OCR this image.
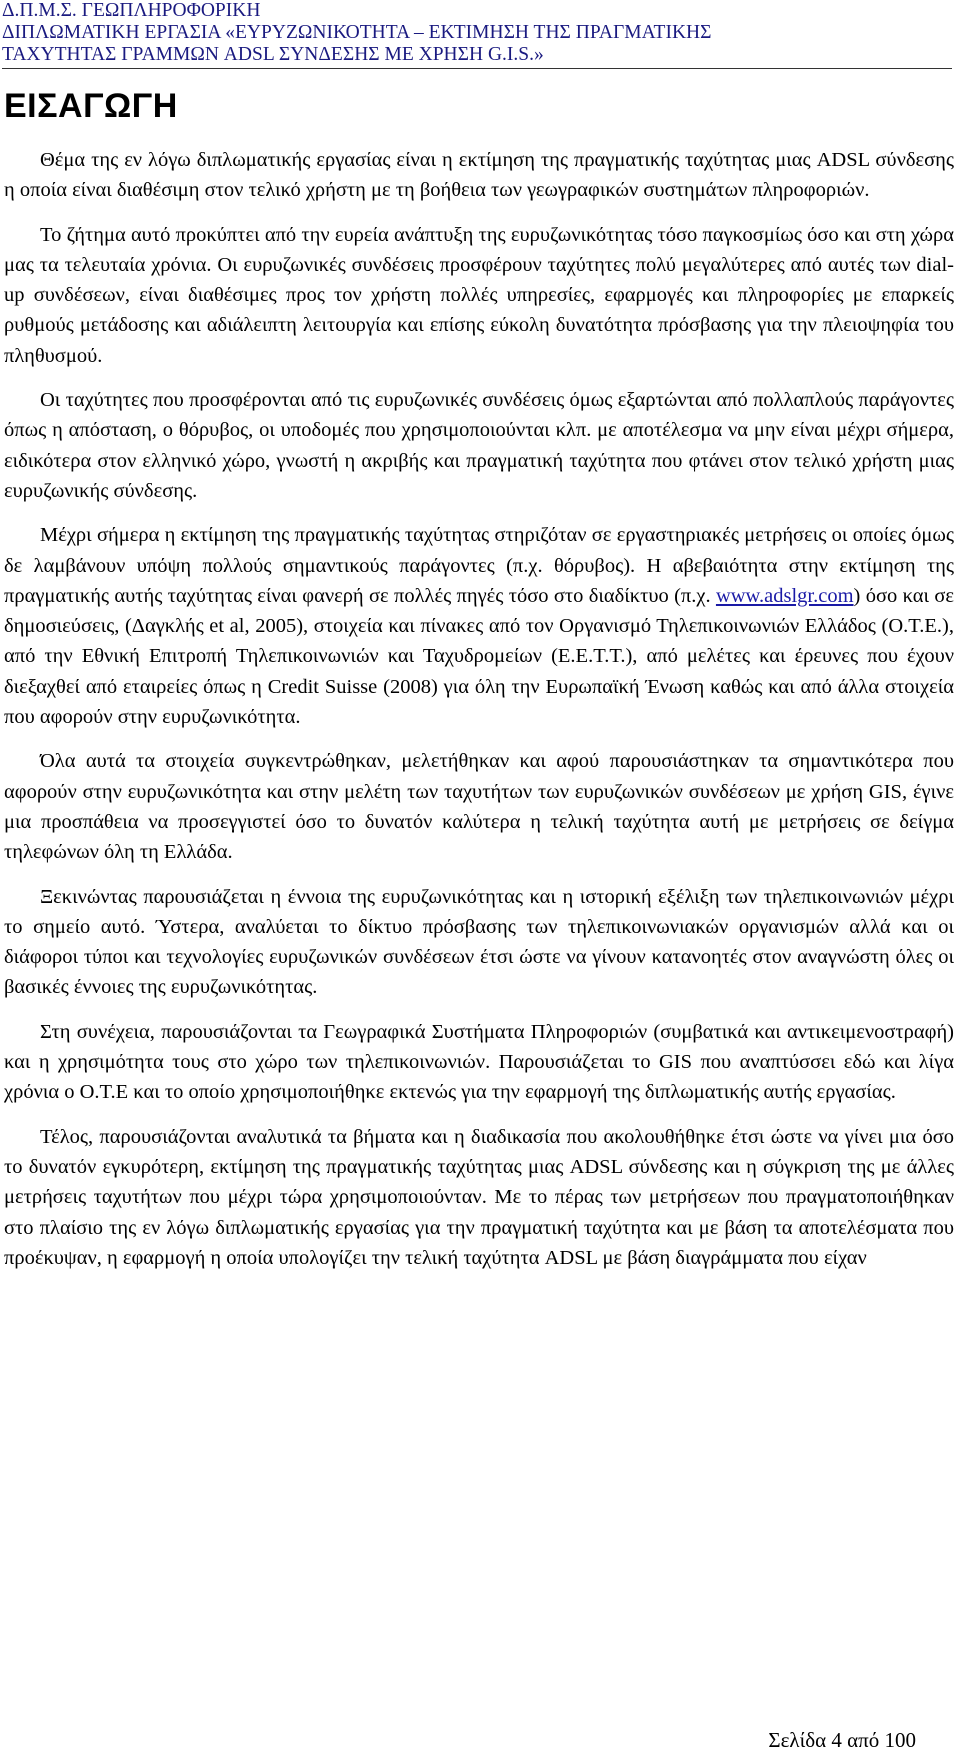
Δ.Π.Μ.Σ. ΓΕΩΠΛΗΡΟΦΟΡΙΚΗ
ΔΙΠΛΩΜΑΤΙΚΗ ΕΡΓΑΣΙΑ «ΕΥΡΥΖΩΝΙΚΟΤΗΤΑ – ΕΚΤΙΜΗΣΗ ΤΗΣ ΠΡΑΓΜΑΤΙΚΗΣ
ΤΑΧΥΤΗΤΑΣ ΓΡΑΜΜΩΝ ADSL ΣΥΝΔΕΣΗΣ ΜΕ ΧΡΗΣΗ G.I.S.»
ΕΙΣΑΓΩΓΗ

Θέμα της εν λόγω διπλωματικής εργασίας είναι η εκτίμηση της πραγματικής ταχύτητας μιας ADSL σύνδεσης η οποία είναι διαθέσιμη στον τελικό χρήστη με τη βοήθεια των γεωγραφικών συστημάτων πληροφοριών.

Το ζήτημα αυτό προκύπτει από την ευρεία ανάπτυξη της ευρυζωνικότητας τόσο παγκοσμίως όσο και στη χώρα μας τα τελευταία χρόνια. Οι ευρυζωνικές συνδέσεις προσφέρουν ταχύτητες πολύ μεγαλύτερες από αυτές των dial-up συνδέσεων, είναι διαθέσιμες προς τον χρήστη πολλές υπηρεσίες, εφαρμογές και πληροφορίες με επαρκείς ρυθμούς μετάδοσης και αδιάλειπτη λειτουργία και επίσης εύκολη δυνατότητα πρόσβασης για την πλειοψηφία του πληθυσμού.

Οι ταχύτητες που προσφέρονται από τις ευρυζωνικές συνδέσεις όμως εξαρτώνται από πολλαπλούς παράγοντες όπως η απόσταση, ο θόρυβος, οι υποδομές που χρησιμοποιούνται κλπ. με αποτέλεσμα να μην είναι μέχρι σήμερα, ειδικότερα στον ελληνικό χώρο, γνωστή η ακριβής και πραγματική ταχύτητα που φτάνει στον τελικό χρήστη μιας ευρυζωνικής σύνδεσης.

Μέχρι σήμερα η εκτίμηση της πραγματικής ταχύτητας στηριζόταν σε εργαστηριακές μετρήσεις οι οποίες όμως δε λαμβάνουν υπόψη πολλούς σημαντικούς παράγοντες (π.χ. θόρυβος). Η αβεβαιότητα στην εκτίμηση της πραγματικής αυτής ταχύτητας είναι φανερή σε πολλές πηγές τόσο στο διαδίκτυο (π.χ. www.adslgr.com) όσο και σε δημοσιεύσεις, (Δαγκλής et al, 2005), στοιχεία και πίνακες από τον Οργανισμό Τηλεπικοινωνιών Ελλάδος (Ο.Τ.Ε.), από την Εθνική Επιτροπή Τηλεπικοινωνιών και Ταχυδρομείων (Ε.Ε.Τ.Τ.), από μελέτες και έρευνες που έχουν διεξαχθεί από εταιρείες όπως η Credit Suisse (2008) για όλη την Ευρωπαϊκή Ένωση καθώς και από άλλα στοιχεία που αφορούν στην ευρυζωνικότητα.

Όλα αυτά τα στοιχεία συγκεντρώθηκαν, μελετήθηκαν και αφού παρουσιάστηκαν τα σημαντικότερα που αφορούν στην ευρυζωνικότητα και στην μελέτη των ταχυτήτων των ευρυζωνικών συνδέσεων με χρήση GIS, έγινε μια προσπάθεια να προσεγγιστεί όσο το δυνατόν καλύτερα η τελική ταχύτητα αυτή με μετρήσεις σε δείγμα τηλεφώνων όλη τη Ελλάδα.

Ξεκινώντας παρουσιάζεται η έννοια της ευρυζωνικότητας και η ιστορική εξέλιξη των τηλεπικοινωνιών μέχρι το σημείο αυτό. Ύστερα, αναλύεται το δίκτυο πρόσβασης των τηλεπικοινωνιακών οργανισμών αλλά και οι διάφοροι τύποι και τεχνολογίες ευρυζωνικών συνδέσεων έτσι ώστε να γίνουν κατανοητές στον αναγνώστη όλες οι βασικές έννοιες της ευρυζωνικότητας.

Στη συνέχεια, παρουσιάζονται τα Γεωγραφικά Συστήματα Πληροφοριών (συμβατικά και αντικειμενοστραφή) και η χρησιμότητα τους στο χώρο των τηλεπικοινωνιών. Παρουσιάζεται το GIS που αναπτύσσει εδώ και λίγα χρόνια ο Ο.Τ.Ε και το οποίο χρησιμοποιήθηκε εκτενώς για την εφαρμογή της διπλωματικής αυτής εργασίας.

Τέλος, παρουσιάζονται αναλυτικά τα βήματα και η διαδικασία που ακολουθήθηκε έτσι ώστε να γίνει μια όσο το δυνατόν εγκυρότερη, εκτίμηση της πραγματικής ταχύτητας μιας ADSL σύνδεσης και η σύγκριση της με άλλες μετρήσεις ταχυτήτων που μέχρι τώρα χρησιμοποιούνταν. Με το πέρας των μετρήσεων που πραγματοποιήθηκαν στο πλαίσιο της εν λόγω διπλωματικής εργασίας για την πραγματική ταχύτητα και με βάση τα αποτελέσματα που προέκυψαν, η εφαρμογή η οποία υπολογίζει την τελική ταχύτητα ADSL με βάση διαγράμματα που είχαν

Σελίδα 4 από 100
